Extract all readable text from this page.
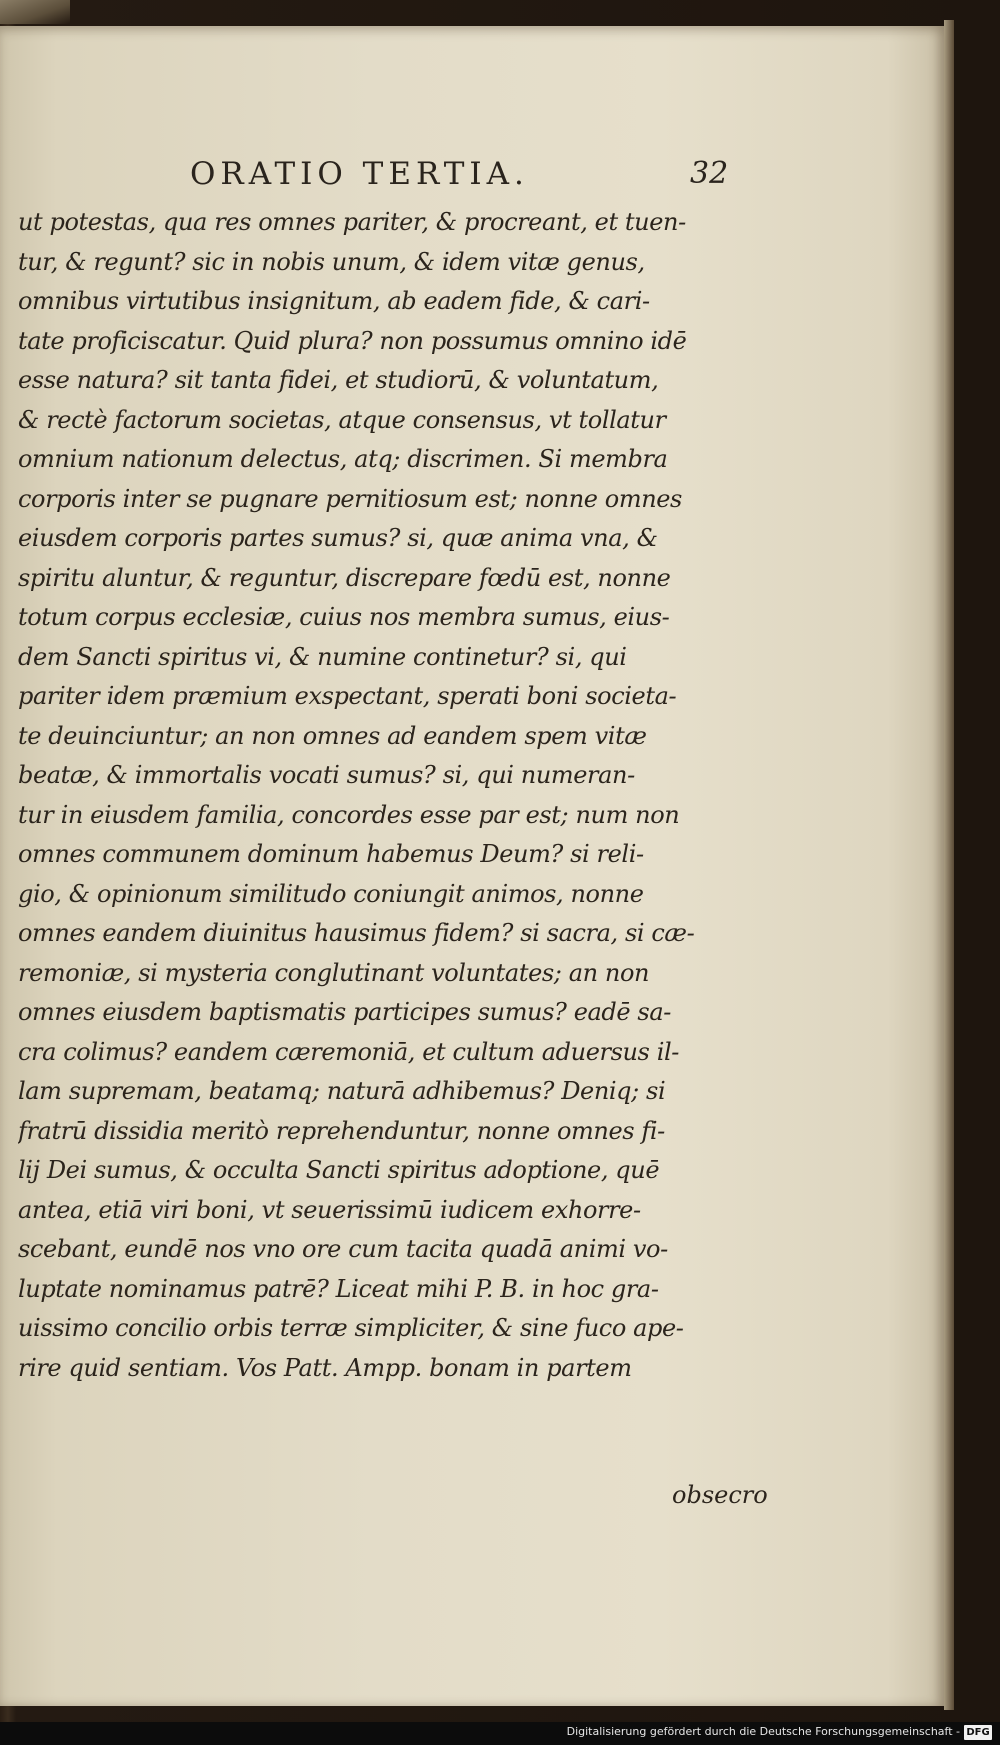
ORATIO TERTIA.	32
ut potestas, qua res omnes pariter, & procreant, et tuen-
tur, & regunt? sic in nobis unum, & idem vitæ genus,
omnibus virtutibus insignitum, ab eadem fide, & cari-
tate proficiscatur. Quid plura? non possumus omnino idē
esse natura? sit tanta fidei, et studiorū, & voluntatum,
& rectè factorum societas, atque consensus, vt tollatur
omnium nationum delectus, atq; discrimen. Si membra
corporis inter se pugnare pernitiosum est; nonne omnes
eiusdem corporis partes sumus? si, quæ anima vna, &
spiritu aluntur, & reguntur, discrepare fœdū est, nonne
totum corpus ecclesiæ, cuius nos membra sumus, eius-
dem Sancti spiritus vi, & numine continetur? si, qui
pariter idem præmium exspectant, sperati boni societa-
te deuinciuntur; an non omnes ad eandem spem vitæ
beatæ, & immortalis vocati sumus? si, qui numeran-
tur in eiusdem familia, concordes esse par est; num non
omnes communem dominum habemus Deum? si reli-
gio, & opinionum similitudo coniungit animos, nonne
omnes eandem diuinitus hausimus fidem? si sacra, si cæ-
remoniæ, si mysteria conglutinant voluntates; an non
omnes eiusdem baptismatis participes sumus? eadē sa-
cra colimus? eandem cæremoniā, et cultum aduersus il-
lam supremam, beatamq; naturā adhibemus? Deniq; si
fratrū dissidia meritò reprehenduntur, nonne omnes fi-
lij Dei sumus, & occulta Sancti spiritus adoptione, quē
antea, etiā viri boni, vt seuerissimū iudicem exhorre-
scebant, eundē nos vno ore cum tacita quadā animi vo-
luptate nominamus patrē? Liceat mihi P. B. in hoc gra-
uissimo concilio orbis terræ simpliciter, & sine fuco ape-
rire quid sentiam. Vos Patt. Ampp. bonam in partem
obsecro
Digitalisierung gefördert durch die Deutsche Forschungsgemeinschaft - DFG
